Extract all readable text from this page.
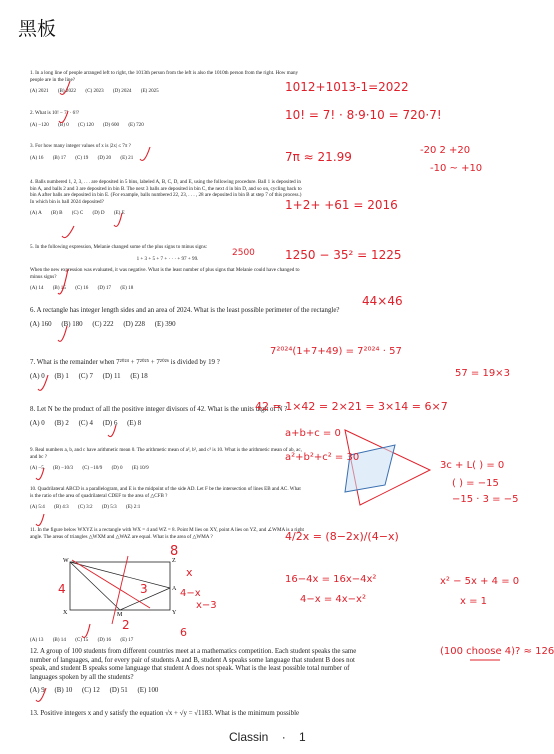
黑板
1. In a long line of people arranged left to right, the 1013th person from the left is also the 1010th person from the right. How many people are in the line?
(A) 2021 (B) 2022 (C) 2023 (D) 2024 (E) 2025
2. What is 10! − 7! · 6!?
(A) −120 (B) 0 (C) 120 (D) 600 (E) 720
3. For how many integer values of x is |2x| ≤ 7π ?
(A) 16 (B) 17 (C) 19 (D) 20 (E) 21
4. Balls numbered 1, 2, 3, . . . are deposited in 5 bins, labeled A, B, C, D, and E, using the following procedure. Ball 1 is deposited in bin A, and balls 2 and 3 are deposited in bin B. The next 3 balls are deposited in bin C, the next 4 in bin D, and so on, cycling back to bin A after balls are deposited in bin E. (For example, balls numbered 22, 23, . . . , 28 are deposited in bin B at step 7 of this process.) In which bin is ball 2024 deposited?
(A) A (B) B (C) C (D) D (E) E
5. In the following expression, Melanie changed some of the plus signs to minus signs:
1 + 3 + 5 + 7 + · · · + 97 + 99.
When the new expression was evaluated, it was negative. What is the least number of plus signs that Melanie could have changed to minus signs?
(A) 14 (B) 15 (C) 16 (D) 17 (E) 18
6. A rectangle has integer length sides and an area of 2024. What is the least possible perimeter of the rectangle?
(A) 160 (B) 180 (C) 222 (D) 228 (E) 390
7. What is the remainder when 7²⁰²⁴ + 7²⁰²⁵ + 7²⁰²⁶ is divided by 19 ?
(A) 0 (B) 1 (C) 7 (D) 11 (E) 18
8. Let N be the product of all the positive integer divisors of 42. What is the units digit of N ?
(A) 0 (B) 2 (C) 4 (D) 6 (E) 8
9. Real numbers a, b, and c have arithmetic mean 0. The arithmetic mean of a², b², and c² is 10. What is the arithmetic mean of ab, ac, and bc ?
(A) −5 (B) −10/3 (C) −10/9 (D) 0 (E) 10/9
10. Quadrilateral ABCD is a parallelogram, and E is the midpoint of the side AD. Let F be the intersection of lines EB and AC. What is the ratio of the area of quadrilateral CDEF to the area of △CFB ?
(A) 5:4 (B) 4:3 (C) 3:2 (D) 5:3 (E) 2:1
11. In the figure below WXYZ is a rectangle with WX = 4 and WZ = 8. Point M lies on XY, point A lies on YZ, and ∠WMA is a right angle. The areas of triangles △WXM and △WAZ are equal. What is the area of △WMA ?
(A) 13 (B) 14 (C) 15 (D) 16 (E) 17
12. A group of 100 students from different countries meet at a mathematics competition. Each student speaks the same number of languages, and, for every pair of students A and B, student A speaks some language that student B does not speak, and student B speaks some language that student A does not speak. What is the least possible total number of languages spoken by all the students?
(A) 9 (B) 10 (C) 12 (D) 51 (E) 100
13. Positive integers x and y satisfy the equation √x + √y = √1183. What is the minimum possible
W	Z
A
X	M	Y
1012+1013-1=2022
10! = 7! · 8·9·10 = 720·7!
7π ≈ 21.99	-20 2 +20
-10 ~ +10
1+2+ +61 = 2016
2500	1250 − 35² = 1225
44×46
7²⁰²⁴(1+7+49) = 7²⁰²⁴ · 57
57 = 19×3
42 = 1×42 = 2×21 = 3×14 = 6×7
a+b+c = 0
a²+b²+c² = 30
3c + L( ) = 0
( ) = −15
−15 · 3 = −5
4/2x = (8−2x)/(4−x)
16−4x = 16x−4x²
4−x = 4x−x²
x² − 5x + 4 = 0
x = 1
(100 choose 4)? ≈ 126
8
4
x
4−x
3
x−3
2
6
Classin · 1
